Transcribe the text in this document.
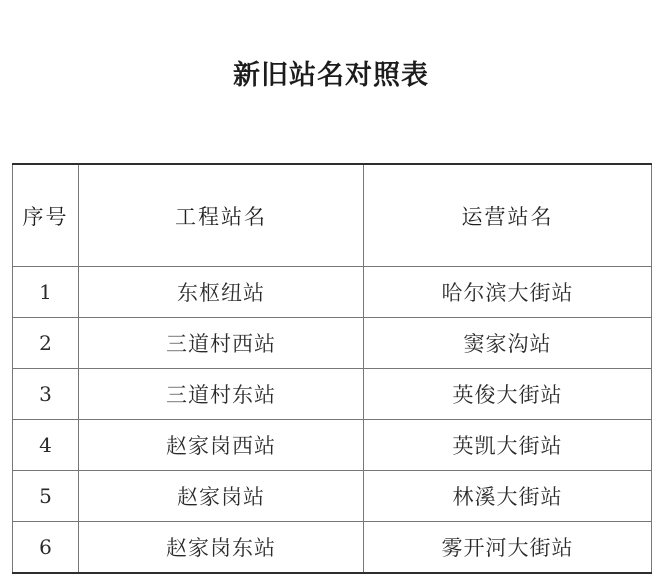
新旧站名对照表
序号	工程站名	运营站名
1	东枢纽站	哈尔滨大街站
2	三道村西站	窦家沟站
3	三道村东站	英俊大街站
4	赵家岗西站	英凯大街站
5	赵家岗站	林溪大街站
6	赵家岗东站	雾开河大街站
